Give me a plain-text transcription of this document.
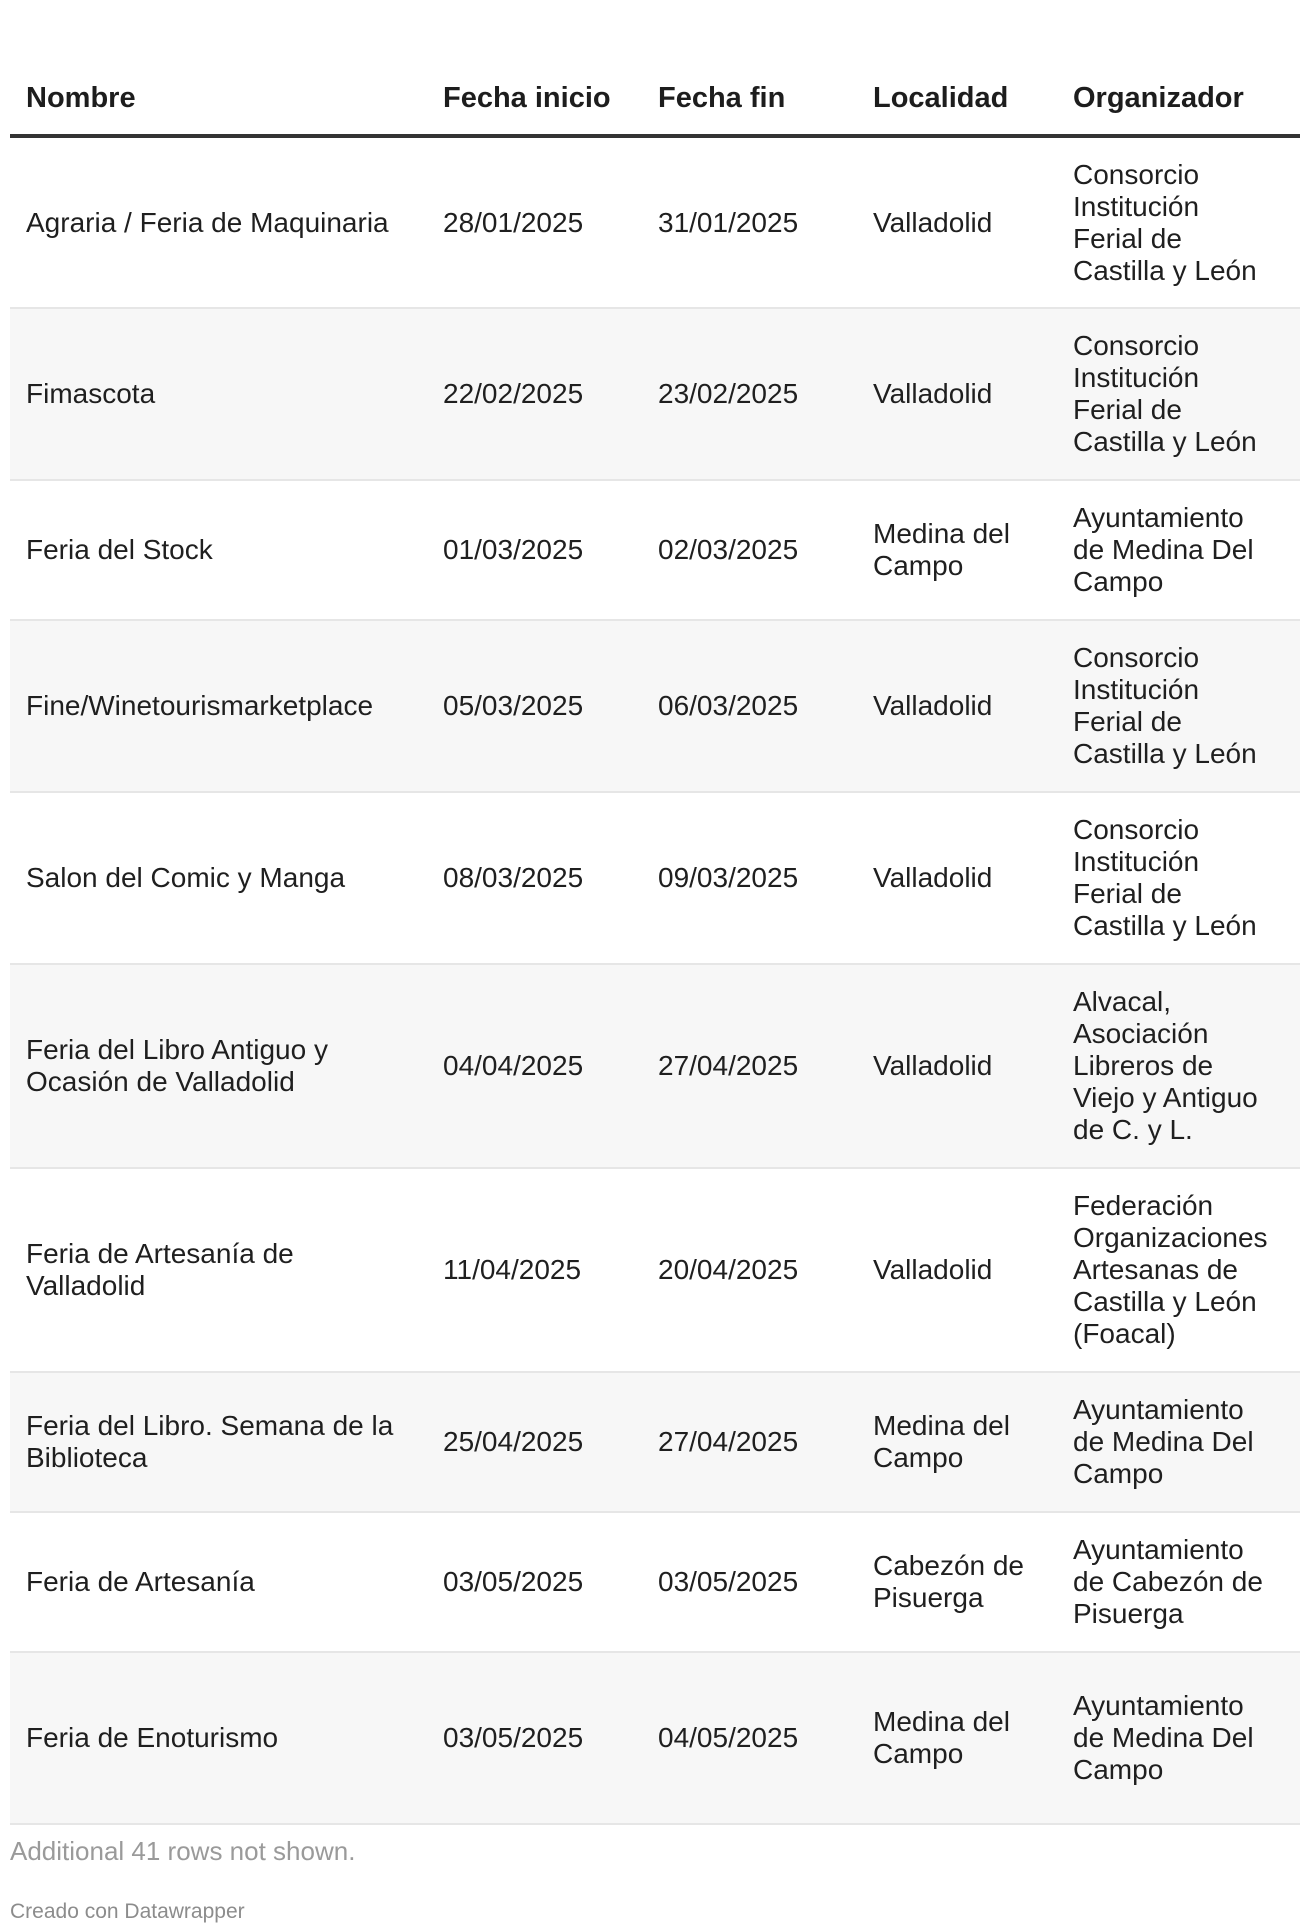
Nombre	Fecha inicio	Fecha fin	Localidad	Organizador
Agraria / Feria de Maquinaria	28/01/2025	31/01/2025	Valladolid	Consorcio
Institución
Ferial de
Castilla y León

Fimascota	22/02/2025	23/02/2025	Valladolid	Consorcio
Institución
Ferial de
Castilla y León

Feria del Stock	01/03/2025	02/03/2025	Medina del Campo	Ayuntamiento
de Medina Del
Campo

Fine/Winetourismarketplace	05/03/2025	06/03/2025	Valladolid	Consorcio
Institución
Ferial de
Castilla y León

Salon del Comic y Manga	08/03/2025	09/03/2025	Valladolid	Consorcio
Institución
Ferial de
Castilla y León

Feria del Libro Antiguo y Ocasión de Valladolid	04/04/2025	27/04/2025	Valladolid	Alvacal,
Asociación
Libreros de
Viejo y Antiguo
de C. y L.

Feria de Artesanía de Valladolid	11/04/2025	20/04/2025	Valladolid	Federación
Organizaciones
Artesanas de
Castilla y León
(Foacal)

Feria del Libro. Semana de la Biblioteca	25/04/2025	27/04/2025	Medina del Campo	Ayuntamiento
de Medina Del
Campo

Feria de Artesanía	03/05/2025	03/05/2025	Cabezón de Pisuerga	Ayuntamiento
de Cabezón de
Pisuerga

Feria de Enoturismo	03/05/2025	04/05/2025	Medina del Campo	Ayuntamiento
de Medina Del
Campo
Additional 41 rows not shown.
Creado con Datawrapper
